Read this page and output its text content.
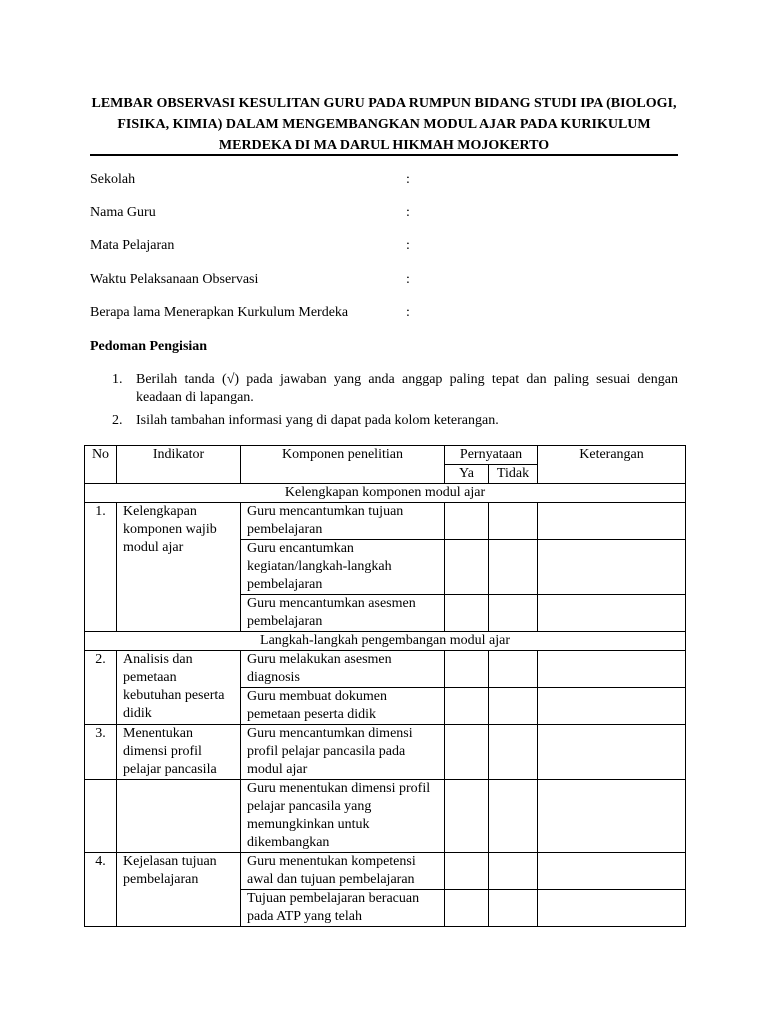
LEMBAR OBSERVASI KESULITAN GURU PADA RUMPUN BIDANG STUDI IPA (BIOLOGI, FISIKA, KIMIA) DALAM MENGEMBANGKAN MODUL AJAR PADA KURIKULUM MERDEKA DI MA DARUL HIKMAH MOJOKERTO
Sekolah	:
Nama Guru	:
Mata Pelajaran	:
Waktu Pelaksanaan Observasi	:
Berapa lama Menerapkan Kurkulum Merdeka	:
Pedoman Pengisian
1. Berilah tanda (√) pada jawaban yang anda anggap paling tepat dan paling sesuai dengan keadaan di lapangan.
2. Isilah tambahan informasi yang di dapat pada kolom keterangan.
No	Indikator	Komponen penelitian	Pernyataan		Keterangan
			Ya	Tidak	
Kelengkapan komponen modul ajar					
1.	Kelengkapan komponen wajib modul ajar	Guru mencantumkan tujuan pembelajaran			
		Guru encantumkan kegiatan/langkah-langkah pembelajaran			
		Guru mencantumkan asesmen pembelajaran			
Langkah-langkah pengembangan modul ajar					
2.	Analisis dan pemetaan kebutuhan peserta didik	Guru melakukan asesmen diagnosis			
		Guru membuat dokumen pemetaan peserta didik			
3.	Menentukan dimensi profil pelajar pancasila	Guru mencantumkan dimensi profil pelajar pancasila pada modul ajar			
		Guru menentukan dimensi profil pelajar pancasila yang memungkinkan untuk dikembangkan			
4.	Kejelasan tujuan pembelajaran	Guru menentukan kompetensi awal dan tujuan pembelajaran			
		Tujuan pembelajaran beracuan pada ATP yang telah			
